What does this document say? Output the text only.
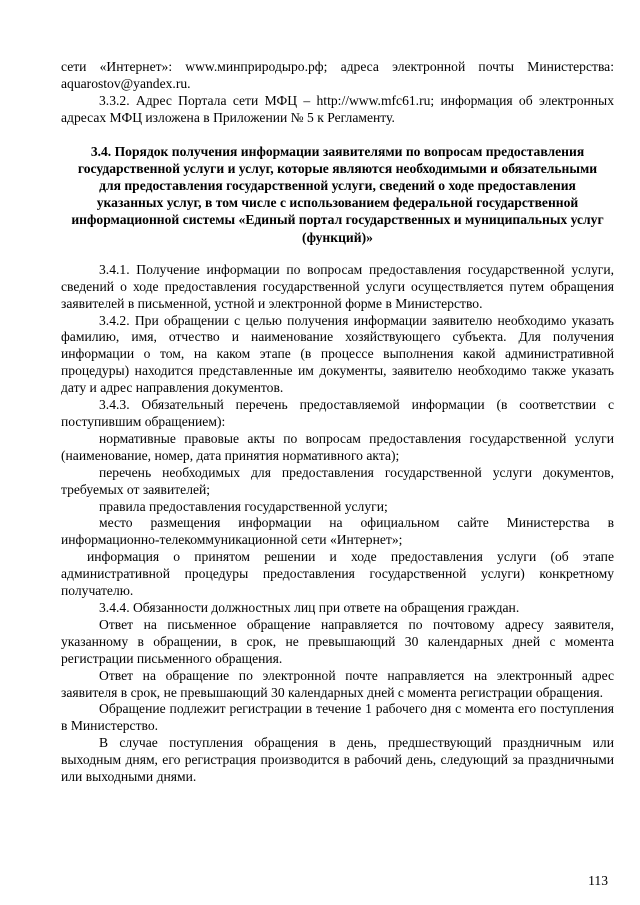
сети «Интернет»: www.минприродыро.рф; адреса электронной почты Министерства: aquarostov@yandex.ru.

3.3.2. Адрес Портала сети МФЦ – http://www.mfc61.ru; информация об электронных адресах МФЦ изложена в Приложении № 5 к Регламенту.

3.4. Порядок получения информации заявителями по вопросам предоставления государственной услуги и услуг, которые являются необходимыми и обязательными для предоставления государственной услуги, сведений о ходе предоставления указанных услуг, в том числе с использованием федеральной государственной информационной системы «Единый портал государственных и муниципальных услуг (функций)»

3.4.1. Получение информации по вопросам предоставления государственной услуги, сведений о ходе предоставления государственной услуги осуществляется путем обращения заявителей в письменной, устной и электронной форме в Министерство.

3.4.2. При обращении с целью получения информации заявителю необходимо указать фамилию, имя, отчество и наименование хозяйствующего субъекта. Для получения информации о том, на каком этапе (в процессе выполнения какой административной процедуры) находится представленные им документы, заявителю необходимо также указать дату и адрес направления документов.

3.4.3. Обязательный перечень предоставляемой информации (в соответствии с поступившим обращением):

нормативные правовые акты по вопросам предоставления государственной услуги (наименование, номер, дата принятия нормативного акта);

перечень необходимых для предоставления государственной услуги документов, требуемых от заявителей;

правила предоставления государственной услуги;

место размещения информации на официальном сайте Министерства в информационно-телекоммуникационной сети «Интернет»;

информация о принятом решении и ходе предоставления услуги (об этапе административной процедуры предоставления государственной услуги) конкретному получателю.

3.4.4. Обязанности должностных лиц при ответе на обращения граждан.

Ответ на письменное обращение направляется по почтовому адресу заявителя, указанному в обращении, в срок, не превышающий 30 календарных дней с момента регистрации письменного обращения.

Ответ на обращение по электронной почте направляется на электронный адрес заявителя в срок, не превышающий 30 календарных дней с момента регистрации обращения.

Обращение подлежит регистрации в течение 1 рабочего дня с момента его поступления в Министерство.

В случае поступления обращения в день, предшествующий праздничным или выходным дням, его регистрация производится в рабочий день, следующий за праздничными или выходными днями.

113
